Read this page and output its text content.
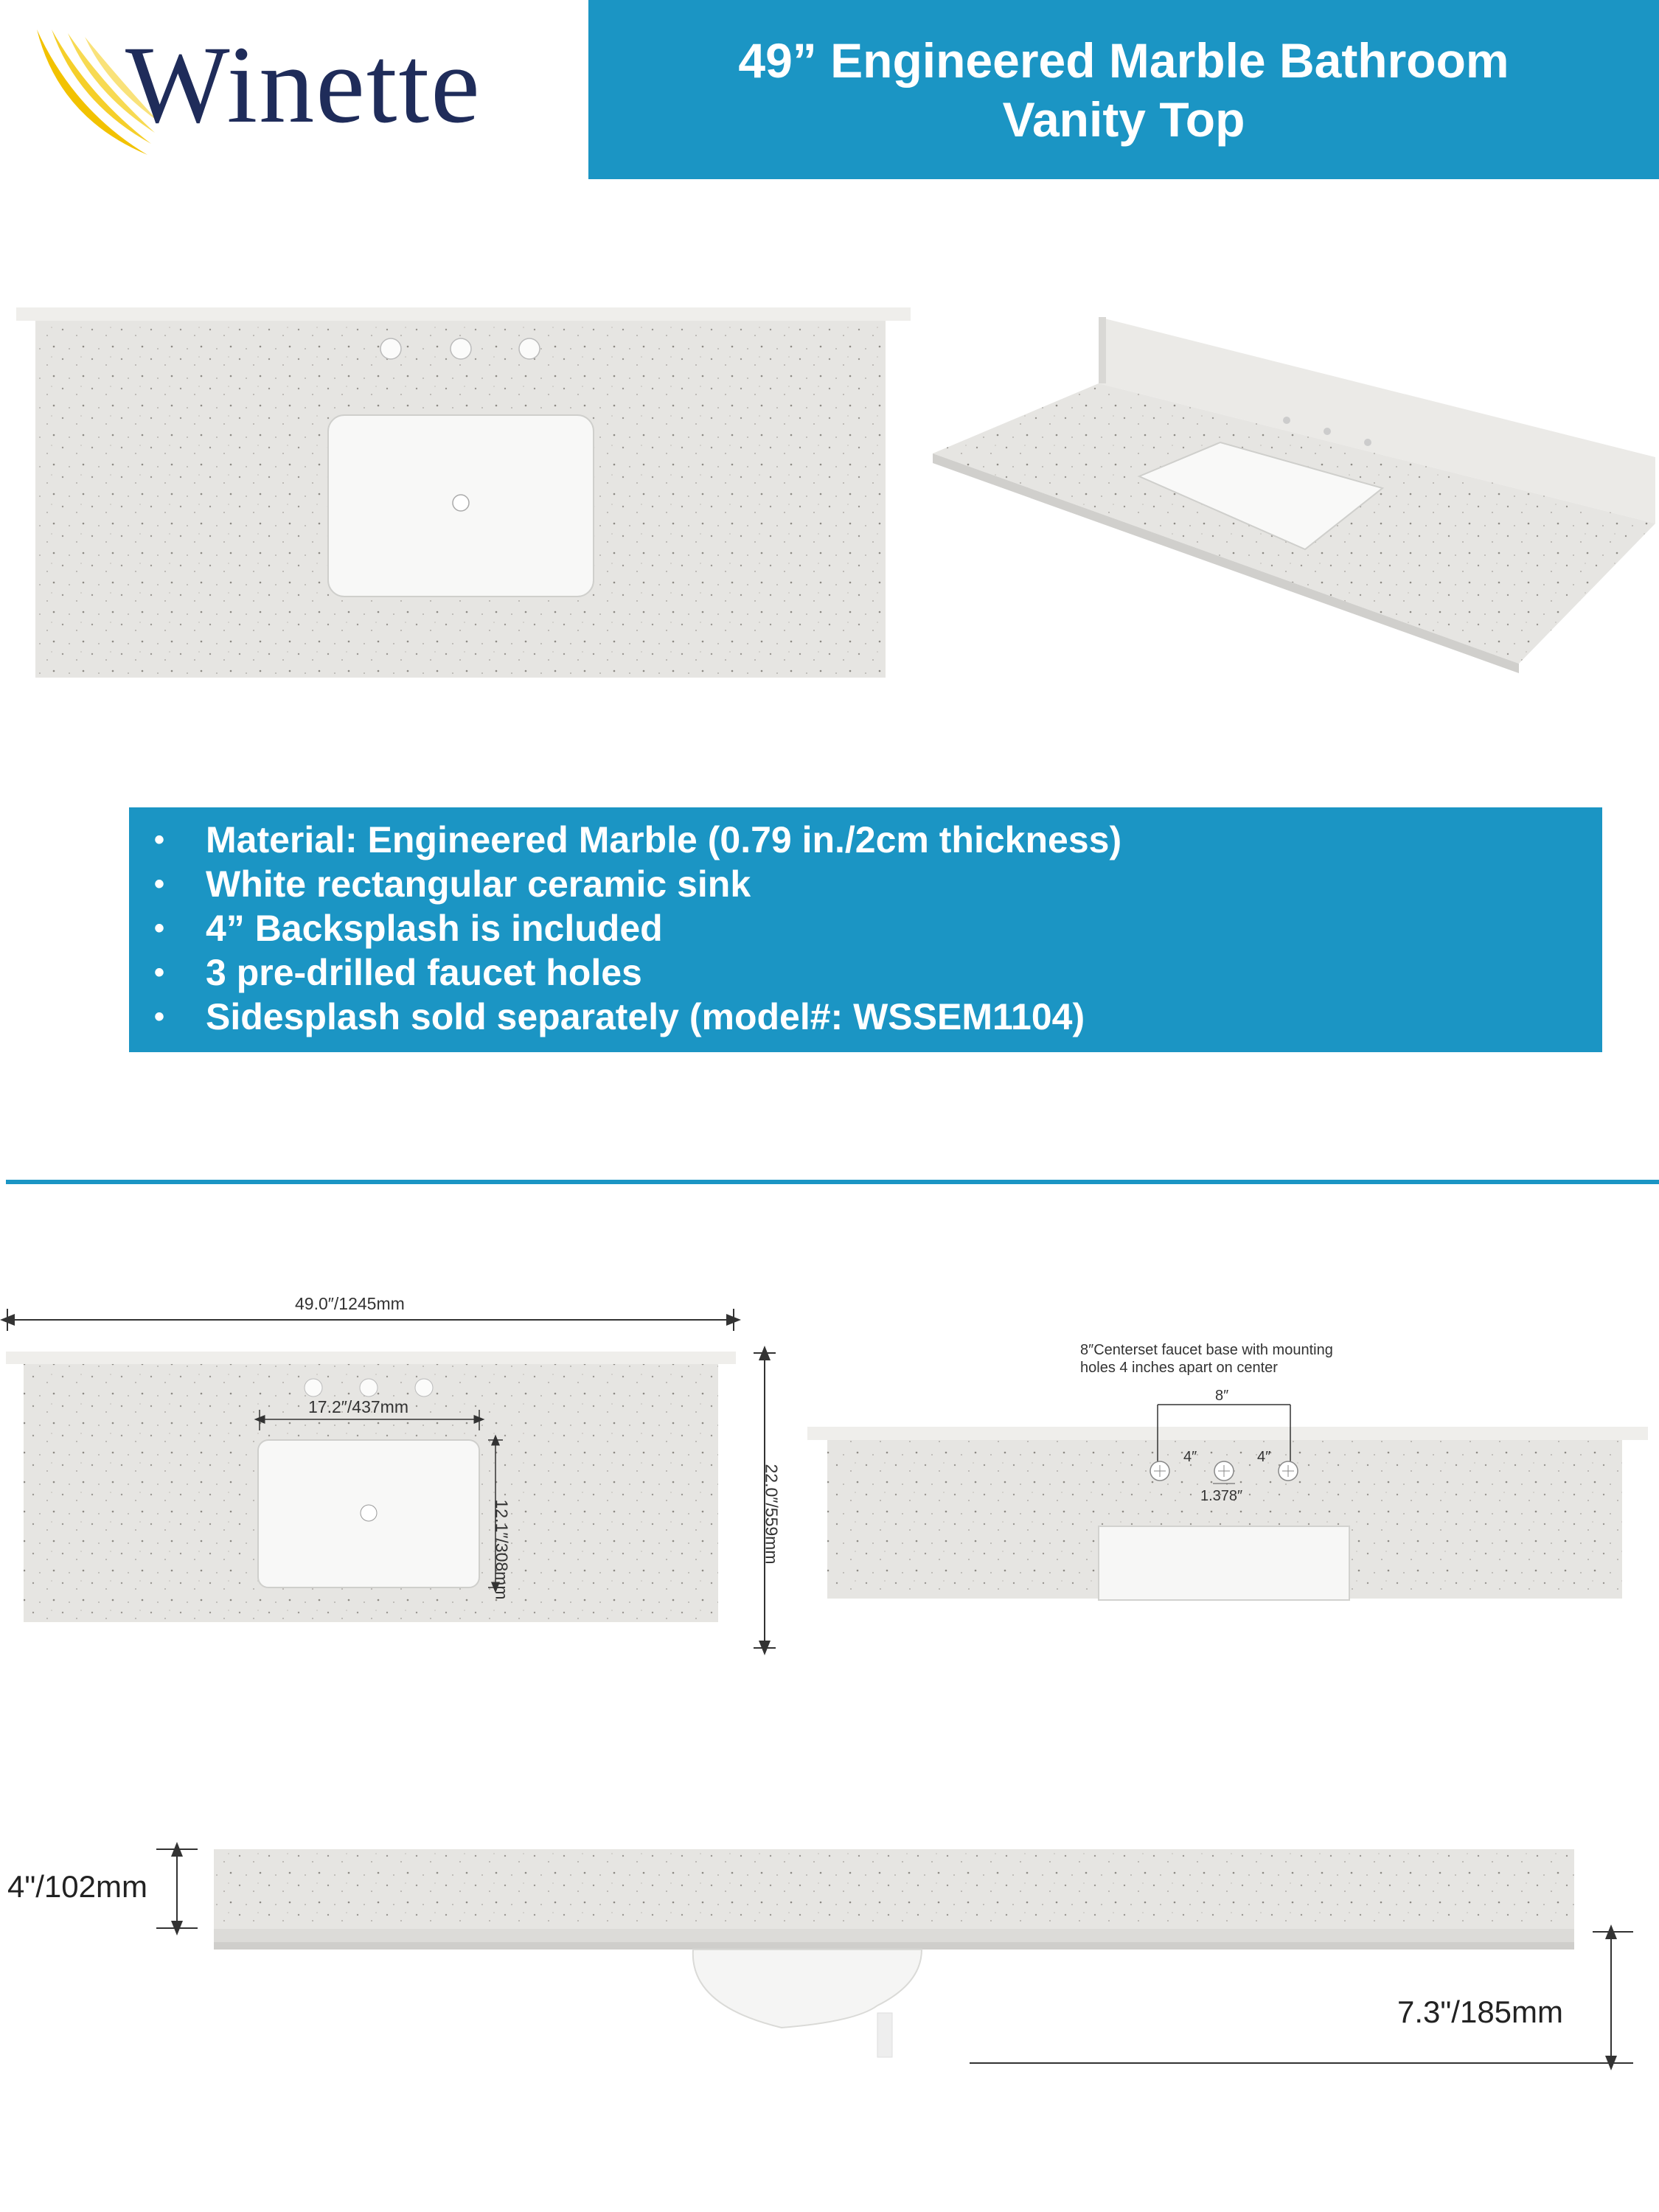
Winette	49” Engineered Marble Bathroom
Vanity Top
•	Material: Engineered Marble (0.79 in./2cm thickness)
•	White rectangular ceramic sink
•	4” Backsplash is included
•	3 pre-drilled faucet holes
•	Sidesplash sold separately (model#: WSSEM1104)
49.0″/1245mm
17.2″/437mm
12.1″/308mm	22.0″/559mm
8″Centerset faucet base with mounting
holes 4 inches apart on center
8″
4″	4″
1.378″
4"/102mm
7.3"/185mm
